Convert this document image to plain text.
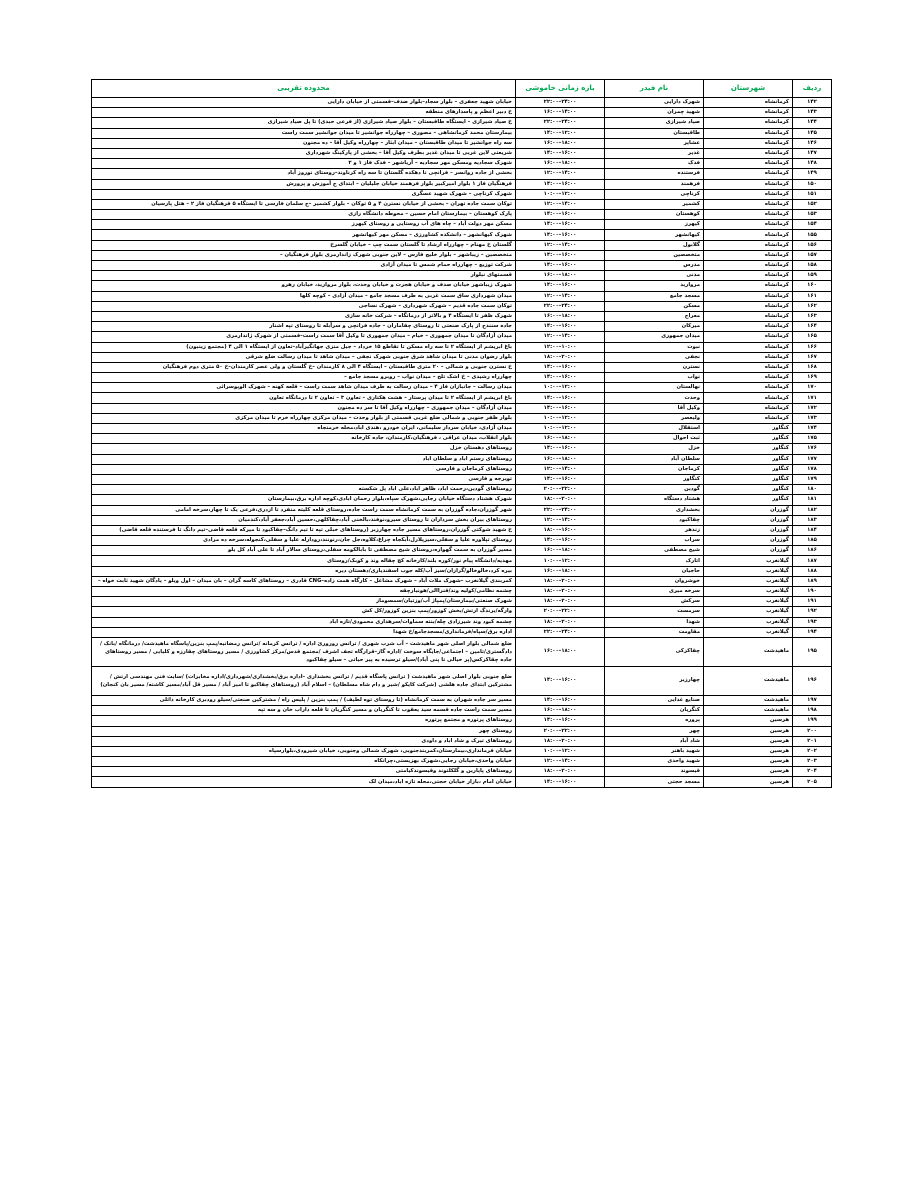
ردیف	شهرستان	نام فیدر	بازه زمانی خاموشی	محدوده تقریبی
۱۴۲	کرمانشاه	شهرک دارایی	۲۲:۰۰–۲۴:۰۰	خیابان شهید جعفری – بلوار سجاد–بلوار صدف–قسمتی از خیابان دارایی
۱۴۳	کرمانشاه	شهید چمران	۱۶:۰۰–۱۴:۰۰	خ دبیر اعظم و پاسدارهای منطقه
۱۴۴	کرمانشاه	صیاد شیرازی	۲۲:۰۰–۲۴:۰۰	خ صیاد شیرازی – ایستگاه طاقبستان – بلوار صیاد شیرازی (از فرعی حبدی) تا پل صیاد شیرازی
۱۴۵	کرمانشاه	طاقبستان	۱۴:۰۰–۱۲:۰۰	بیمارستان محمد کرمانشاهی – مصوری – چهارراه جوانشیر تا میدان جوانشیر سمت راست
۱۴۶	کرمانشاه	عشایر	۱۶:۰۰–۱۸:۰۰	سه راه جوانشیر تا میدان طاقبستان – میدان ابثار – چهارراه وکیل آقا – ده مجنون
۱۴۷	کرمانشاه	غدیر	۱۴:۰۰–۱۶:۰۰	شریعتی لاین غربی تا میدان غدیر بطرف وکیل آقا – بخشی از پارکینگ شهرداری
۱۴۸	کرمانشاه	فدک	۱۶:۰۰–۱۸:۰۰	شهرک سجادیه ومسکن مهر سجادیه – آریاشهر – فدک فاز ۱ و ۲
۱۴۹	کرمانشاه	فرستنده	۱۲:۰۰–۱۴:۰۰	بخشی از جاده روانسر – فرانچی تا دهکده گلستان تا سه راه کرناوند–روستای نوروز آباد
۱۵۰	کرمانشاه	فرهمند	۱۴:۰۰–۱۶:۰۰	فرهنگیان فاز ۱ بلوار امیرکبیر بلوار فرهمند خیابان جلیلیان – ابتدای ج آموزش و پرورش
۱۵۱	کرمانشاه	کرناچی	۱۰:۰۰–۱۲:۰۰	شهرک کرناچی – شهرک شهید عسگری
۱۵۲	کرمانشاه	کشمیر	۱۲:۰۰–۱۴:۰۰	توکان سمت جاده تهران – بخشی از خیابان نسترن ۴ و ۵ توکان – بلوار کشمیر –ج سلمان فارسی تا ایستگاه ۵ فرهنگیان فاز ۲ – هتل پارسیان
۱۵۳	کرمانشاه	کوهستان	۱۴:۰۰–۱۶:۰۰	پارک کوهستان – بیمارستان امام حسین – محوطه دانشگاه رازی
۱۵۴	کرمانشاه	کیهرز	۱۴:۰۰–۱۶:۰۰	مسکن مهر دولت آباد – چاه های آب روستایی و روستای کیهرز
۱۵۵	کرمانشاه	کیهانشهر	۱۴:۰۰–۱۶:۰۰	شهرک کیهانشهر – دانشکده کشاورزی – مسکن مهر کیهانشهر
۱۵۶	کرمانشاه	گلابول	۱۲:۰۰–۱۴:۰۰	گلستان خ مهنام – چهارراه ارشاد تا گلستان سمت چپ – خیابان گلسرخ
۱۵۷	کرمانشاه	متخصصین	۱۴:۰۰–۱۶:۰۰	متخصصین – زیباشهر – بلوار خلیج فارس – لاین جنوبی شهرک زاندارمری بلوار فرهنگیان –
۱۵۸	کرمانشاه	مدرس	۱۴:۰۰–۱۶:۰۰	شرکت توزیع – چهارراه حمام شمس تا میدان آزادی
۱۵۹	کرمانشاه	مدنی	۱۶:۰۰–۱۸:۰۰	قسمتهای نیلوار
۱۶۰	کرمانشاه	مروارید	۱۴:۰۰–۱۶:۰۰	شهرک زیباشهر خیابان صدف و خیابان هجرت و خیابان وحدت، بلوار مروارید، خیابان رهرو
۱۶۱	کرمانشاه	مسجد جامع	۱۲:۰۰–۱۴:۰۰	میدان شهرداری ساق سمت غربی به طرف مسجد جامع – میدان آزادی – کوچه کلها
۱۶۲	کرمانشاه	مسکن	۲۲:۰۰–۲۴:۰۰	توکان سمت جاده قدیم – شهرک شهرداری – شهرک نساجی
۱۶۳	کرمانشاه	معراج	۱۶:۰۰–۱۸:۰۰	شهرک ظفر تا ایستگاه ۴ و بالاتر از درمانگاه – شرکت خانه سازی
۱۶۴	کرمانشاه	میرکان	۱۴:۰۰–۱۶:۰۰	جاده سنندج از پارک صنعتی تا روستای چقاماران – جاده فرانچی و سرآبله تا روستای تپه اشنار
۱۶۵	کرمانشاه	میدان جمهوری	۱۲:۰۰–۱۴:۰۰	میدان آزادگان تا میدان جمهوری – خیام – میدان جمهوری تا وکیل آقا سمت راست–قسمتی از شهرک ژاندارمری
۱۶۶	کرمانشاه	نبوت	۱۲:۰۰–۱۰:۰۰	باغ ابریشم از ایستگاه ۲ تا سه راه مسکن تا تقاطع ۱۵ خرداد – جیل منزی جهانگیرآباد–تعاون از ایستگاه ۱ الی ۴ (مجتمع زینبون)
۱۶۷	کرمانشاه	نجفی	۱۸:۰۰–۲۰:۰۰	بلوار رضوان مدنی تا میدان شاهد شرق جنوبی شهرک نجفی – میدان شاهد تا میدان رسالت ضلع شرقی
۱۶۸	کرمانشاه	نسترن	۱۴:۰۰–۱۶:۰۰	خ نسترن جنوبی و شمالی – ۲۰ متری طاقبستان – ایستگاه ۴ الی ۸ کارمندان –خ گلستان و ولی عصر کارمندان–خ ۵۰ متری دوم فرهنگیان
۱۶۹	کرمانشاه	نواب	۱۴:۰۰–۱۶:۰۰	چهارراه رشیدی – خ اشک تلخ – میدان نواب – روبرو مسجد جامع –
۱۷۰	کرمانشاه	نهالستان	۱۰:۰۰–۱۲:۰۰	میدان رسالت – جانبازان فاز ۴ – میدان رسالت به طرف میدان شاهد سمت راست – قلعه کهنه – شهرک الوپوسرائی
۱۷۱	کرمانشاه	وحدت	۱۴:۰۰–۱۶:۰۰	باغ ابریشم از ایستگاه ۲ تا میدان پرستار – هشت هکتاری – تعاون ۳ – تعاون ۲ تا درمانگاه تعاون
۱۷۲	کرمانشاه	وکیل آقا	۱۴:۰۰–۱۶:۰۰	میدان آزادگان – میدان جمهوری – چهارراه وکیل آقا تا سر ده مجنون
۱۷۳	کرمانشاه	ولیعصر	۱۰:۰۰–۱۲:۰۰	بلوار ظفر جنوبی و شمالی ضلع غربی قسمتی از بلوار وحدت – میدان مرکزی چهارراه خرم تا میدان مرکزی
۱۷۴	کنگاور	استقلال	۱۰:۰۰–۱۲:۰۰	میدان آزادی، خیابان سردار سلیمانی، ایران خودرو ،هندی اباد،محله خرمنجاه
۱۷۵	کنگاور	ثبت احوال	۱۶:۰۰–۱۸:۰۰	بلوار انقلاب، میدان عراقی ، فرهنگیان،کارمندان، جاده کارخانه
۱۷۶	کنگاور	خزل	۱۴:۰۰–۱۶:۰۰	روستاهای دهستان خزل
۱۷۷	کنگاور	سلطان آباد	۱۶:۰۰–۱۸:۰۰	روستاهای رستم اباد و سلطان اباد
۱۷۸	کنگاور	کرماجان	۱۲:۰۰–۱۴:۰۰	روستاهای کرماجان و فارسی
۱۷۹	کنگاور	کنگاور	۱۴:۰۰–۱۶:۰۰	تویرجه و فارسی
۱۸۰	کنگاور	گودین	۲۰:۰۰–۲۲:۰۰	روستاهای گودین،رحمت اباد، ظاهر اباد،علی اباد پل شکسته
۱۸۱	کنگاور	هشتاد دستگاه	۱۸:۰۰–۲۰:۰۰	شهرک هشتاد دستگاه خیابان رجایی،شهرک سپاه،بلوار رحمان ابادی،کوچه اداره برق،بیمارستان
۱۸۲	گوزران	بخشداری	۲۲:۰۰–۲۴:۰۰	شهر گوزران،جاده گوزران به سمت کرمانشاه سمت راست جاده،روستای قلعه کلیته منفرد تا ازدری،فرعی یک تا چهار،سرخه امامی
۱۸۳	گوزران	چقاکبود	۱۲:۰۰–۱۴:۰۰	روستاهای بیران بخش سرداران تا روستای سیرو،نوفند،بالخنی آباد،چقاکلهی،حسین آباد،جعفر آباد،کندمیان
۱۸۴	گوزران	زندهر	۱۸:۰۰–۱۶:۰۰	خ شهید شوکتی گوزران،روستاهای مسیر جاده چهارزبر (روستاهای خبلی تپه تا تیم دانگ–چقاکبود تا میرکه قلعه قاضی–تیم دانگ تا فرستنده قلعه قاضی)
۱۸۵	گوزران	سراب	۱۴:۰۰–۱۶:۰۰	روستای تپلاوره علیا و سفلی،سیزپلارل،آبکجاه چراغ،کلاوه،جل جان،رنونند،رودارله علیا و سفلی،کنجوله،سرخه ده مرادی
۱۸۶	گوزران	شیخ مصطفی	۱۶:۰۰–۱۸:۰۰	مسیر گوزران به سمت گهواره،روستای شیخ مصطفی تا بابالکومه سفلی،روستای سالار آباد تا علی آباد کل یلو
۱۸۷	گیلانغرب	اتارک	۱۰:۰۰–۱۲:۰۰	مهدیه/دانشگاه پیام نور/کوره بلند/کارخانه کچ چقاله وند و کوبک/روستای
۱۸۸	گیلانغرب	حاجیان	۱۶:۰۰–۱۸:۰۰	بیره کرد،خالوخالو/گرازان/سیز آب/کله جوب اسفندیاری/دهستان دیره
۱۸۹	گیلانغرب	خوشروان	۱۸:۰۰–۲۰:۰۰	کمربندی گیلانغرب –شهرک ملات آباد – شهرک مشاغل – کارگاه همت زاده–CNG قادری – روستاهای کاسه گران – بان میدان – اول ویلو – یادگان شهید ثابت خواه –
۱۹۰	گیلانغرب	سرخه میری	۱۸:۰۰–۲۰:۰۰	چشمه نظامی/کولیه وند/قنراالی/هونیارچقه
۱۹۱	گیلانغرب	سرکش	۱۸:۰۰–۲۰:۰۰	شهرک صنعتی/بیمارستان/پمپاژ آب/وزتیان/سمسوماز
۱۹۲	گیلانغرب	سرمست	۲۰:۰۰–۲۲:۰۰	وارگه/یرندگ ارتش/بخش کوزور/پمپ بنزین کوزور/کل کش
۱۹۳	گیلانغرب	شهدا	۱۸:۰۰–۲۰:۰۰	چشمه کبود وند شیرزادی چله/بنته سماوات/سرهداری محمودی/تازه اباد
۱۹۴	گیلانغرب	مقاومت	۲۲:۰۰–۲۴:۰۰	اداره برق/سپاه/فرمانداری/مسجدجامع/خ شهدا
۱۹۵	ماهیدشت	چقاکرکی	۱۶:۰۰–۱۸:۰۰	ضلع شمالی بلوار اصلی شهر ماهیدشت – آب شرب شهری / ترانس رورورئ اداره / ترانس کرمانه /ترانس رمضانیه/پمپ بنزین/پاسگاه ماهیدشت/ درمانگاه /بانک / دادگستری/تامین – اجتماعی/جایگاه سوخت /اداره گاز–قرارگاه تجف اشرف /مجتمع قدس/مرکز کشاورزی / مسیر روستاهای چقارزه و کلیایی / مسیر روستاهای جاده چقاکرکس(پر حیالی تا پنی آباد)/سیلو ترسیده به پیر حیاتی – سیلو چقاکبود
۱۹۶	ماهیدشت	چهارزبر	۱۴:۰۰–۱۶:۰۰	ضلع جنوبی بلوار اصلی شهر ماهیدشت ( ترانس پاسگاه قدیم / ترانس بخشداری –اداره برق/بخشداری/شهرداری/اداره مخابرات) /سایت فنی مهندسی ارتش / مشترکین ابتدای جاده هلشی (شرکت کایکو /شیر و دام شاه مسلطان) – اسلام آباد (روستاهای چقاکبو تا امیر آباد / مسیر قل آباد/مسیر کاشته/ مسیر بان کنجان)
۱۹۷	ماهیدشت	صنایع غذایی	۱۴:۰۰–۱۶:۰۰	مسیر سر جاده شهران به سمت کرمانشاه (تا روستای توه لطیف) / پمپ بنزین / پلیس راه / مشترکین صنعتی/سیلو رودبری کارخانه ذائلی
۱۹۸	ماهیدشت	کنگریان	۱۶:۰۰–۱۸:۰۰	مسیر سمت راست جاده قسمه سید یعقوب تا کنگریان و مسیر کنگریان تا قلعه داراب خان و سه تپه
۱۹۹	هرسین	پروره	۱۴:۰۰–۱۶:۰۰	روستاهای پرتوره و مجتمع پرتوره
۲۰۰	هرسین	چهر	۲۰:۰۰–۲۲:۰۰	روستای چهر
۲۰۱	هرسین	شاد آباد	۱۸:۰۰–۲۰:۰۰	روستاهای تیرک و شاد اباد و داودی
۲۰۲	هرسین	شهید باهنر	۱۰:۰۰–۱۲:۰۰	خیابان فرمانداری،بیمارستان،کمربندجنوبی، شهرک شمالی وجنوبی، خیابان شیرودی،بلوارسپاه
۲۰۳	هرسین	شهید واحدی	۱۲:۰۰–۱۴:۰۰	خیابان واحدی،خیابان رجایی،شهرک بهزیستی،چرانکاه
۲۰۴	هرسین	قیسوند	۱۸:۰۰–۲۰:۰۰	روستاهای پاپارین و گلکلتوند وقیسوندکیامتی
۲۰۵	هرسین	مسجد حجتی	۱۴:۰۰–۱۶:۰۰	خیابان امام ،بازار خیابان حجتی،محله تازه اباد،میدان لک
